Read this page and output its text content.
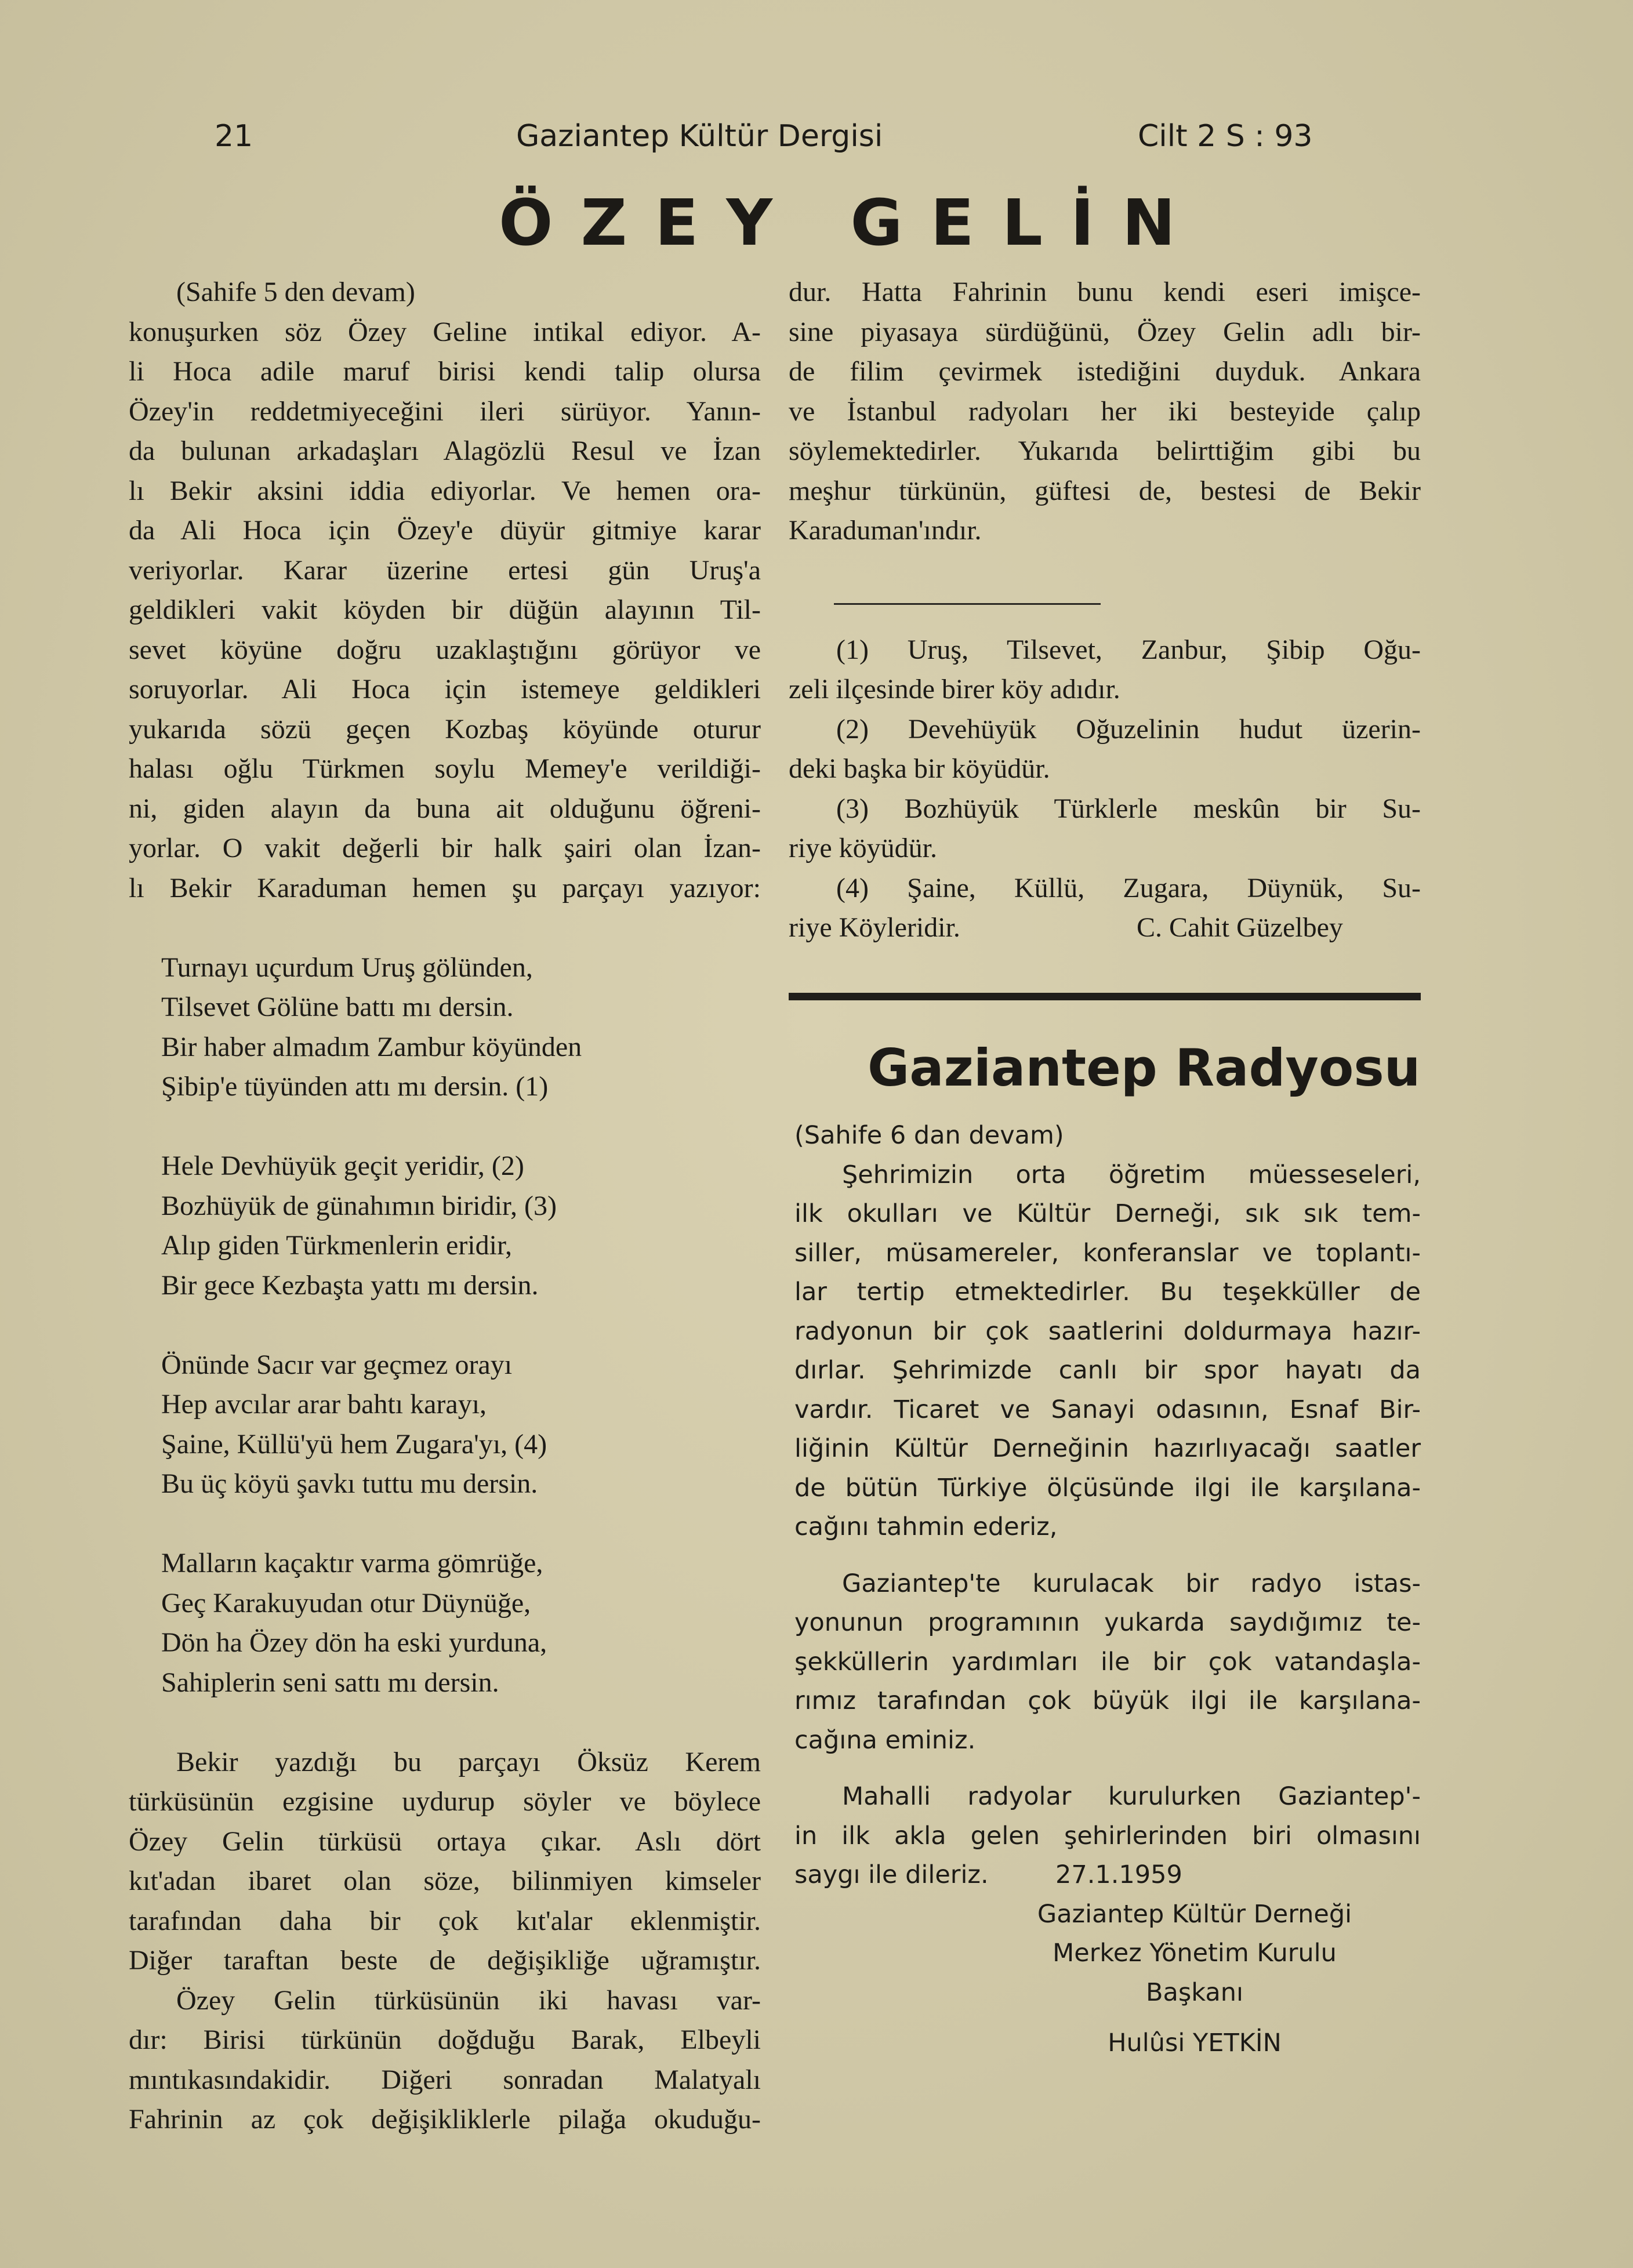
21	Gaziantep Kültür Dergisi	Cilt 2 S : 93
ÖZEY GELİN
(Sahife 5 den devam)
konuşurken söz Özey Geline intikal ediyor. A-
li Hoca adile maruf birisi kendi talip olursa
Özey'in reddetmiyeceğini ileri sürüyor. Yanın-
da bulunan arkadaşları Alagözlü Resul ve İzan
lı Bekir aksini iddia ediyorlar. Ve hemen ora-
da Ali Hoca için Özey'e düyür gitmiye karar
veriyorlar. Karar üzerine ertesi gün Uruş'a
geldikleri vakit köyden bir düğün alayının Til-
sevet köyüne doğru uzaklaştığını görüyor ve
soruyorlar. Ali Hoca için istemeye geldikleri
yukarıda sözü geçen Kozbaş köyünde oturur
halası oğlu Türkmen soylu Memey'e verildiği-
ni, giden alayın da buna ait olduğunu öğreni-
yorlar. O vakit değerli bir halk şairi olan İzan-
lı Bekir Karaduman hemen şu parçayı yazıyor:
Turnayı uçurdum Uruş gölünden,
Tilsevet Gölüne battı mı dersin.
Bir haber almadım Zambur köyünden
Şibip'e tüyünden attı mı dersin. (1)
Hele Devhüyük geçit yeridir, (2)
Bozhüyük de günahımın biridir, (3)
Alıp giden Türkmenlerin eridir,
Bir gece Kezbaşta yattı mı dersin.
Önünde Sacır var geçmez orayı
Hep avcılar arar bahtı karayı,
Şaine, Küllü'yü hem Zugara'yı, (4)
Bu üç köyü şavkı tuttu mu dersin.
Malların kaçaktır varma gömrüğe,
Geç Karakuyudan otur Düynüğe,
Dön ha Özey dön ha eski yurduna,
Sahiplerin seni sattı mı dersin.
Bekir yazdığı bu parçayı Öksüz Kerem
türküsünün ezgisine uydurup söyler ve böylece
Özey Gelin türküsü ortaya çıkar. Aslı dört
kıt'adan ibaret olan söze, bilinmiyen kimseler
tarafından daha bir çok kıt'alar eklenmiştir.
Diğer taraftan beste de değişikliğe uğramıştır.
Özey Gelin türküsünün iki havası var-
dır: Birisi türkünün doğduğu Barak, Elbeyli
mıntıkasındakidir. Diğeri sonradan Malatyalı
Fahrinin az çok değişikliklerle pilağa okuduğu-
dur. Hatta Fahrinin bunu kendi eseri imişce-
sine piyasaya sürdüğünü, Özey Gelin adlı bir-
de filim çevirmek istediğini duyduk. Ankara
ve İstanbul radyoları her iki besteyide çalıp
söylemektedirler. Yukarıda belirttiğim gibi bu
meşhur türkünün, güftesi de, bestesi de Bekir
Karaduman'ındır.
(1) Uruş, Tilsevet, Zanbur, Şibip Oğu-
zeli ilçesinde birer köy adıdır.
(2) Devehüyük Oğuzelinin hudut üzerin-
deki başka bir köyüdür.
(3) Bozhüyük Türklerle meskûn bir Su-
riye köyüdür.
(4) Şaine, Küllü, Zugara, Düynük, Su-
riye Köyleridir.	C. Cahit Güzelbey
Gaziantep Radyosu
(Sahife 6 dan devam)
Şehrimizin orta öğretim müesseseleri,
ilk okulları ve Kültür Derneği, sık sık tem-
siller, müsamereler, konferanslar ve toplantı-
lar tertip etmektedirler. Bu teşekküller de
radyonun bir çok saatlerini doldurmaya hazır-
dırlar. Şehrimizde canlı bir spor hayatı da
vardır. Ticaret ve Sanayi odasının, Esnaf Bir-
liğinin Kültür Derneğinin hazırlıyacağı saatler
de bütün Türkiye ölçüsünde ilgi ile karşılana-
cağını tahmin ederiz,
Gaziantep'te kurulacak bir radyo istas-
yonunun programının yukarda saydığımız te-
şekküllerin yardımları ile bir çok vatandaşla-
rımız tarafından çok büyük ilgi ile karşılana-
cağına eminiz.
Mahalli radyolar kurulurken Gaziantep'-
in ilk akla gelen şehirlerinden biri olmasını
saygı ile dileriz.	27.1.1959
Gaziantep Kültür Derneği
Merkez Yönetim Kurulu
Başkanı
Hulûsi YETKİN
